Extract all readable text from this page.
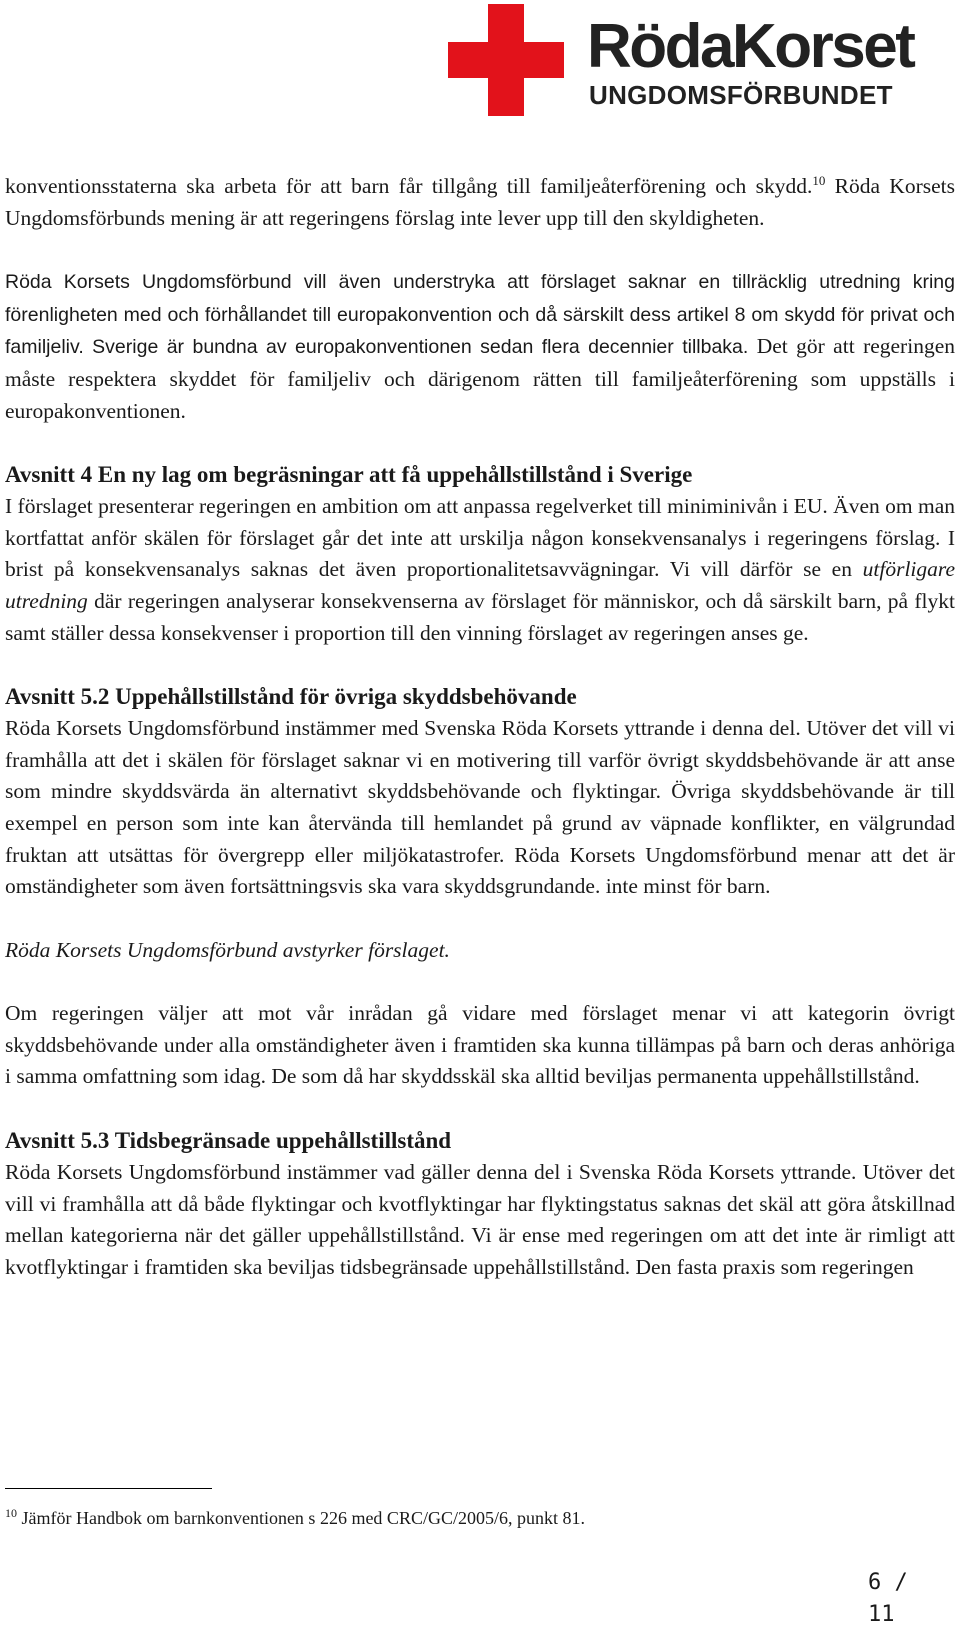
RödaKorset
UNGDOMSFÖRBUNDET

konventionsstaterna ska arbeta för att barn får tillgång till familjeåterförening och skydd.$^{10}$ Röda Korsets Ungdomsförbunds mening är att regeringens förslag inte lever upp till den skyldigheten.

Röda Korsets Ungdomsförbund vill även understryka att förslaget saknar en tillräcklig utredning kring förenligheten med och förhållandet till europakonvention och då särskilt dess artikel 8 om skydd för privat och familjeliv. Sverige är bundna av europakonventionen sedan flera decennier tillbaka. Det gör att regeringen måste respektera skyddet för familjeliv och därigenom rätten till familjeåterförening som uppställs i europakonventionen.

Avsnitt 4 En ny lag om begräsningar att få uppehållstillstånd i Sverige

I förslaget presenterar regeringen en ambition om att anpassa regelverket till miniminivån i EU. Även om man kortfattat anför skälen för förslaget går det inte att urskilja någon konsekvensanalys i regeringens förslag. I brist på konsekvensanalys saknas det även proportionalitetsavvägningar. Vi vill därför se en utförligare utredning där regeringen analyserar konsekvenserna av förslaget för människor, och då särskilt barn, på flykt samt ställer dessa konsekvenser i proportion till den vinning förslaget av regeringen anses ge.

Avsnitt 5.2 Uppehållstillstånd för övriga skyddsbehövande

Röda Korsets Ungdomsförbund instämmer med Svenska Röda Korsets yttrande i denna del. Utöver det vill vi framhålla att det i skälen för förslaget saknar vi en motivering till varför övrigt skyddsbehövande är att anse som mindre skyddsvärda än alternativt skyddsbehövande och flyktingar. Övriga skyddsbehövande är till exempel en person som inte kan återvända till hemlandet på grund av väpnade konflikter, en välgrundad fruktan att utsättas för övergrepp eller miljökatastrofer. Röda Korsets Ungdomsförbund menar att det är omständigheter som även fortsättningsvis ska vara skyddsgrundande. inte minst för barn.

Röda Korsets Ungdomsförbund avstyrker förslaget.

Om regeringen väljer att mot vår inrådan gå vidare med förslaget menar vi att kategorin övrigt skyddsbehövande under alla omständigheter även i framtiden ska kunna tillämpas på barn och deras anhöriga i samma omfattning som idag. De som då har skyddsskäl ska alltid beviljas permanenta uppehållstillstånd.

Avsnitt 5.3 Tidsbegränsade uppehållstillstånd

Röda Korsets Ungdomsförbund instämmer vad gäller denna del i Svenska Röda Korsets yttrande. Utöver det vill vi framhålla att då både flyktingar och kvotflyktingar har flyktingstatus saknas det skäl att göra åtskillnad mellan kategorierna när det gäller uppehållstillstånd. Vi är ense med regeringen om att det inte är rimligt att kvotflyktingar i framtiden ska beviljas tidsbegränsade uppehållstillstånd. Den fasta praxis som regeringen

$^{10}$ Jämför Handbok om barnkonventionen s 226 med CRC/GC/2005/6, punkt 81.
6 / 11
